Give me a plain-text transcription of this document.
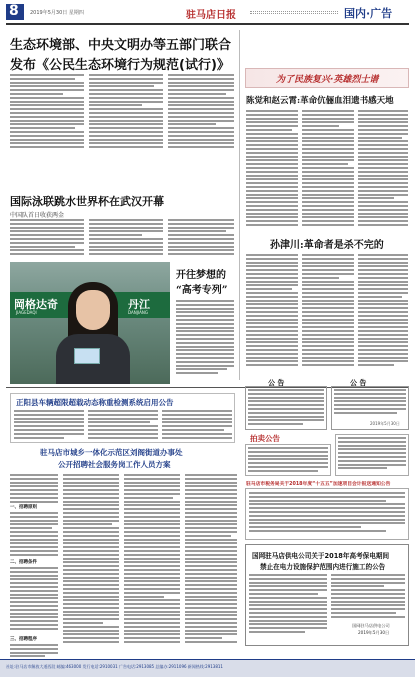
8 2019年5月30日 星期四	驻马店日报	国内·广告
生态环境部、中央文明办等五部门联合
发布《公民生态环境行为规范(试行)》
国际泳联跳水世界杯在武汉开幕
中国队首日收获两金
岡格达奇
JIAGEDAQI
丹江
DANJIANG
开往梦想的
“高考专列”
为了民族复兴·英雄烈士谱
陈觉和赵云霄:革命伉俪血泪遗书感天地
孙津川:革命者是杀不完的
正阳县车辆超限超载动态称重检测系统启用公告
公 告	公 告
2019年5月30日
拍卖公告
驻马店市税务局关于2018年度“十五五”加速项目会计报送通知公告
驻马店市城乡一体化示范区刘阁街道办事处
公开招聘社会服务岗工作人员方案
一、招聘原则
二、招聘条件
三、招聘程序
国网驻马店供电公司关于2018年高考保电期间
禁止在电力设施保护范围内进行施工的公告
国网驻马店供电公司
2019年5月30日
社址:驻马店市解放大道西段 邮编:463000 发行电话:2910031 广告电话:2913085 总编办:2911096 新闻热线:2913811
